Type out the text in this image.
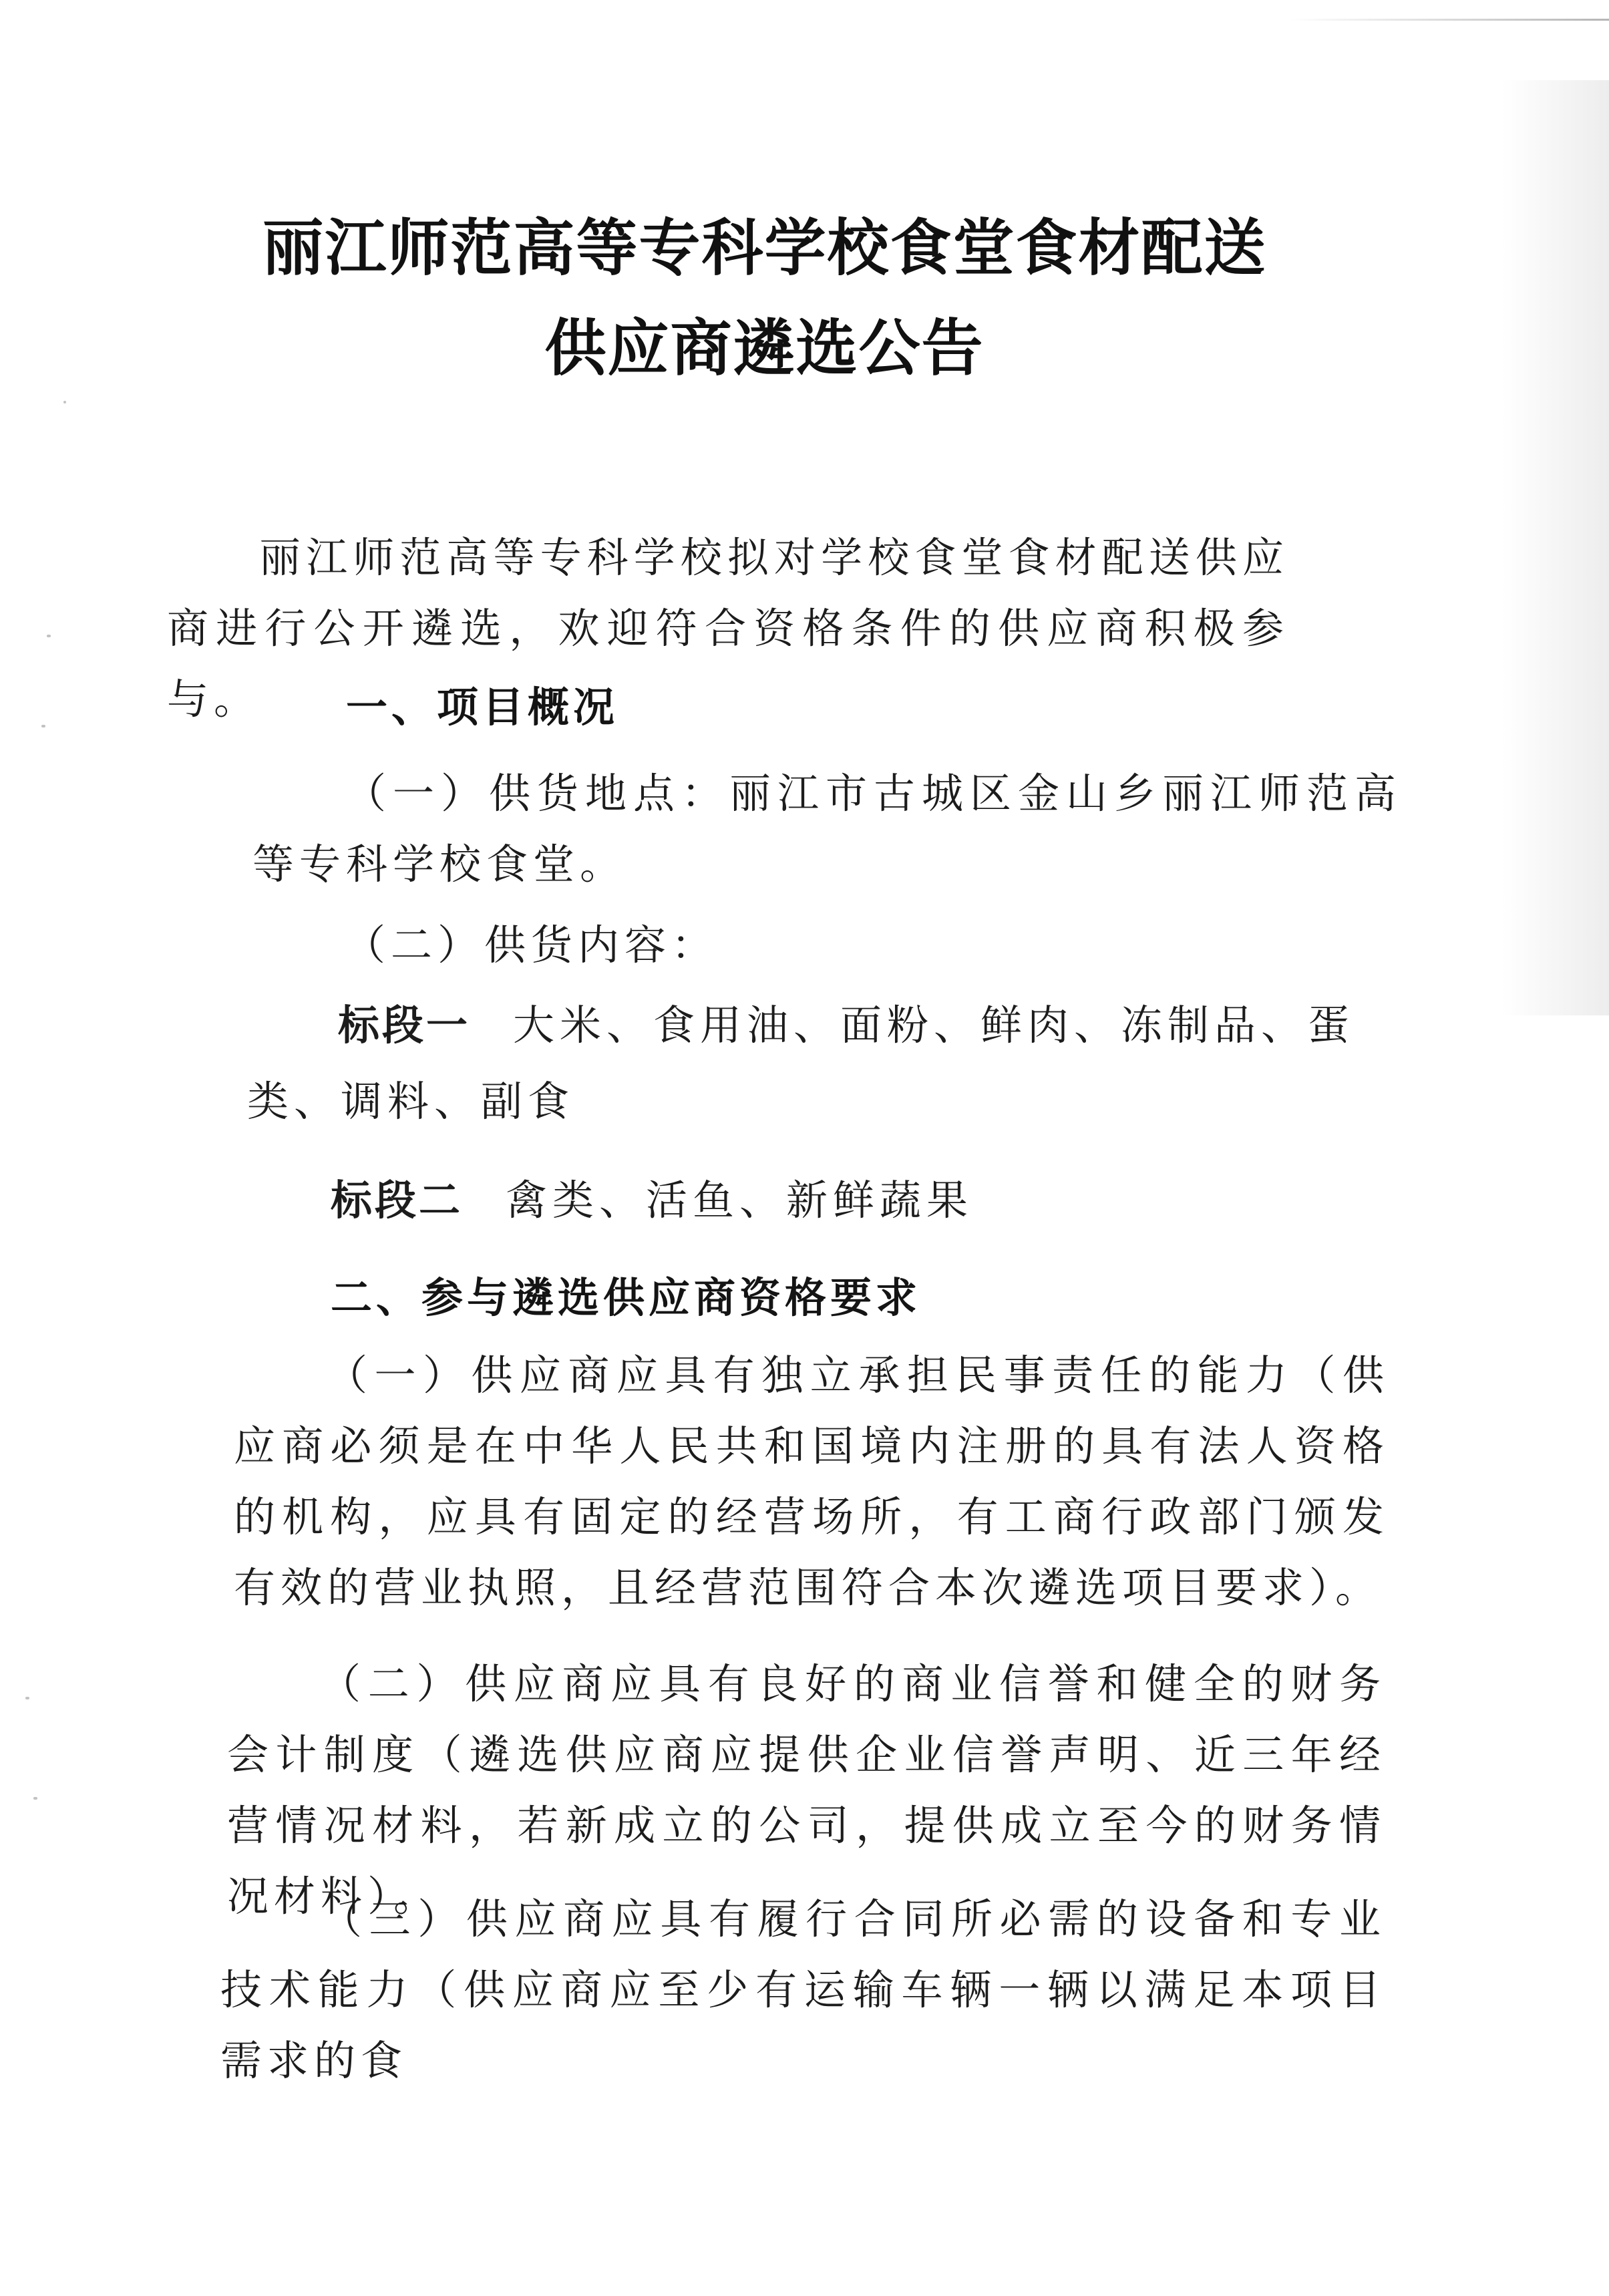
丽江师范高等专科学校食堂食材配送
供应商遴选公告
丽江师范高等专科学校拟对学校食堂食材配送供应商进行公开遴选，欢迎符合资格条件的供应商积极参与。	一、项目概况
（一）供货地点：丽江市古城区金山乡丽江师范高等专科学校食堂。
（二）供货内容：
标段一 大米、食用油、面粉、鲜肉、冻制品、蛋类、调料、副食
标段二 禽类、活鱼、新鲜蔬果
二、参与遴选供应商资格要求
（一）供应商应具有独立承担民事责任的能力（供应商必须是在中华人民共和国境内注册的具有法人资格的机构，应具有固定的经营场所，有工商行政部门颁发有效的营业执照，且经营范围符合本次遴选项目要求）。
（二）供应商应具有良好的商业信誉和健全的财务会计制度（遴选供应商应提供企业信誉声明、近三年经营情况材料，若新成立的公司，提供成立至今的财务情况材料）。
（三）供应商应具有履行合同所必需的设备和专业技术能力（供应商应至少有运输车辆一辆以满足本项目需求的食
